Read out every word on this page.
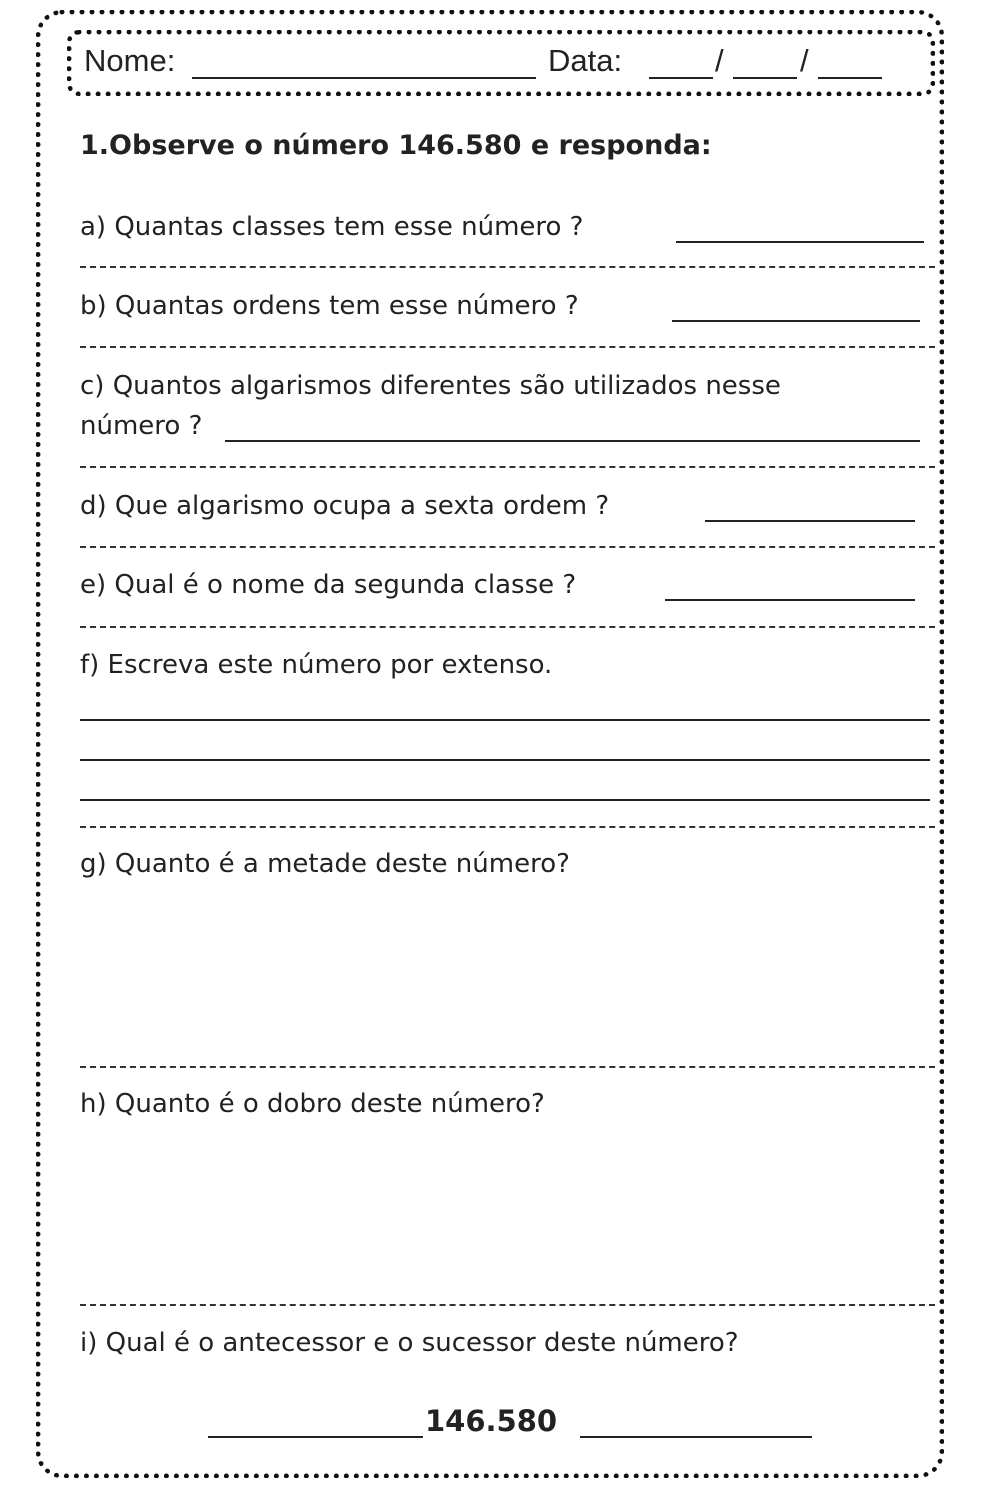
Nome:	Data:	/ /
1.Observe o número 146.580 e responda:
a) Quantas classes tem esse número ?
b) Quantas ordens tem esse número ?
c) Quantos algarismos diferentes são utilizados nesse
número ?
d) Que algarismo ocupa a sexta ordem ?
e) Qual é o nome da segunda classe ?
f) Escreva este número por extenso.
g) Quanto é a metade deste número?
h) Quanto é o dobro deste número?
i) Qual é o antecessor e o sucessor deste número?
146.580
